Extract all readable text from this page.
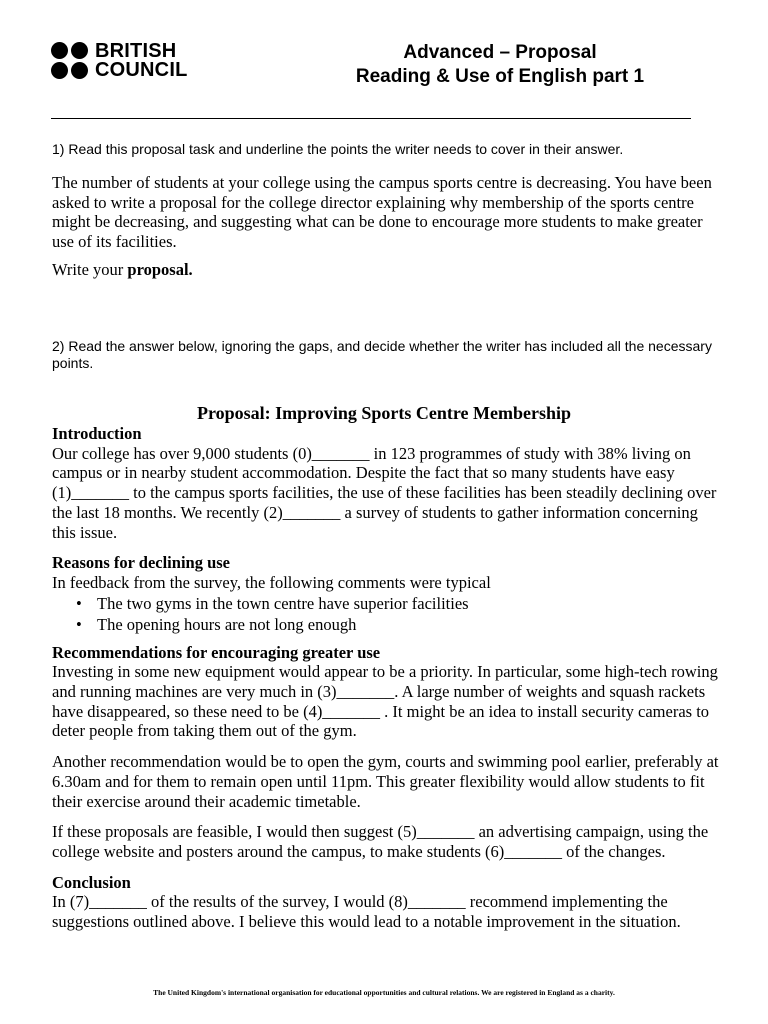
BRITISH
COUNCIL
Advanced – Proposal
Reading & Use of English part 1
1) Read this proposal task and underline the points the writer needs to cover in their answer.
The number of students at your college using the campus sports centre is decreasing. You have been asked to write a proposal for the college director explaining why membership of the sports centre might be decreasing, and suggesting what can be done to encourage more students to make greater use of its facilities.
Write your proposal.
2) Read the answer below, ignoring the gaps, and decide whether the writer has included all the necessary points.
Proposal: Improving Sports Centre Membership

Introduction

Our college has over 9,000 students (0)_______ in 123 programmes of study with 38% living on campus or in nearby student accommodation. Despite the fact that so many students have easy (1)_______ to the campus sports facilities, the use of these facilities has been steadily declining over the last 18 months. We recently (2)_______ a survey of students to gather information concerning this issue.

Reasons for declining use

In feedback from the survey, the following comments were typical

• The two gyms in the town centre have superior facilities
• The opening hours are not long enough

Recommendations for encouraging greater use

Investing in some new equipment would appear to be a priority. In particular, some high-tech rowing and running machines are very much in (3)_______. A large number of weights and squash rackets have disappeared, so these need to be (4)_______ . It might be an idea to install security cameras to deter people from taking them out of the gym.

Another recommendation would be to open the gym, courts and swimming pool earlier, preferably at 6.30am and for them to remain open until 11pm. This greater flexibility would allow students to fit their exercise around their academic timetable.

If these proposals are feasible, I would then suggest (5)_______ an advertising campaign, using the college website and posters around the campus, to make students (6)_______ of the changes.

Conclusion

In (7)_______ of the results of the survey, I would (8)_______ recommend implementing the suggestions outlined above. I believe this would lead to a notable improvement in the situation.

The United Kingdom's international organisation for educational opportunities and cultural relations. We are registered in England as a charity.
